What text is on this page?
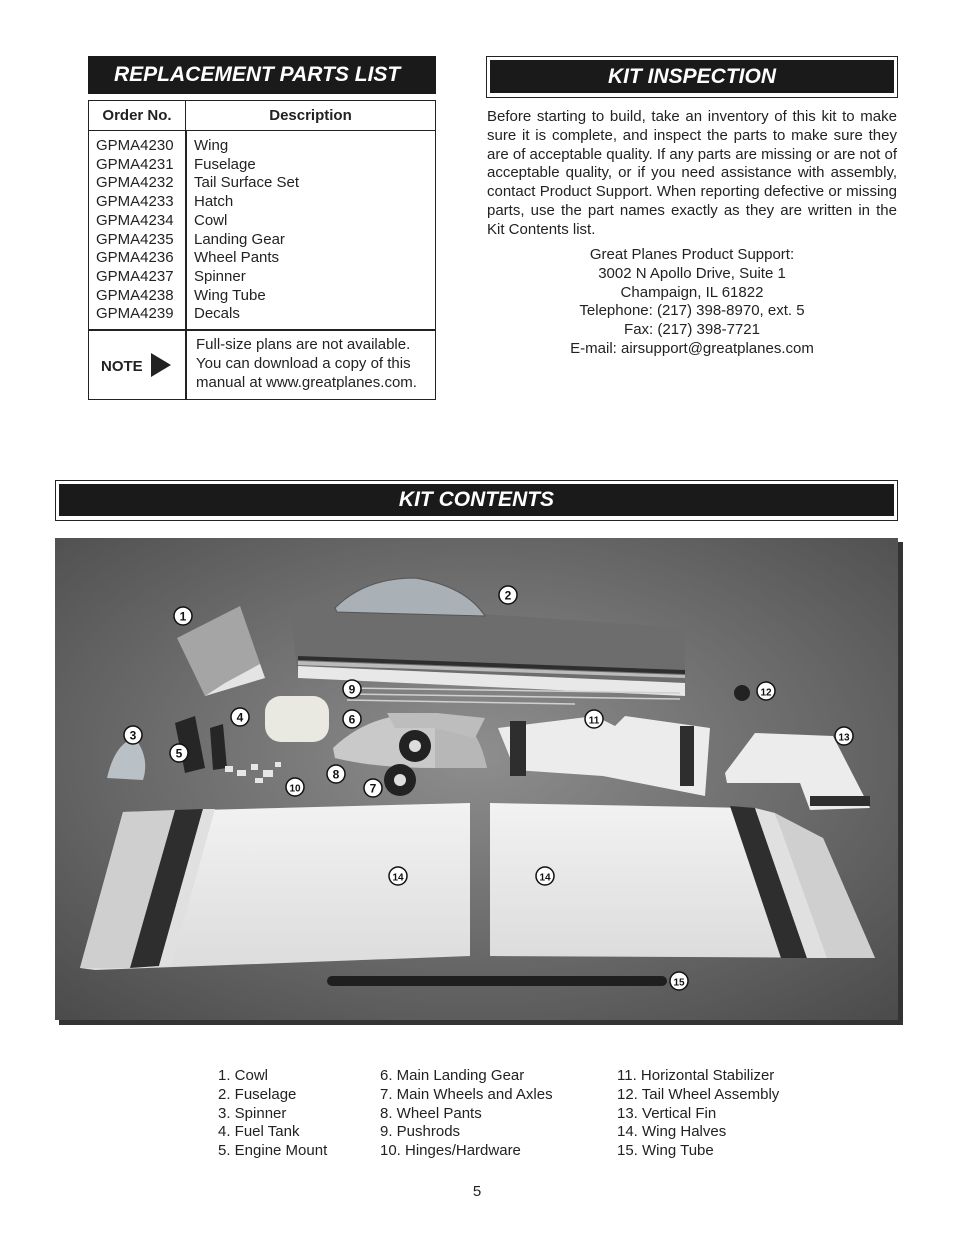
REPLACEMENT PARTS LIST
Order No.	Description
GPMA4230 Wing
GPMA4231 Fuselage
GPMA4232 Tail Surface Set
GPMA4233 Hatch
GPMA4234 Cowl
GPMA4235 Landing Gear
GPMA4236 Wheel Pants
GPMA4237 Spinner
GPMA4238 Wing Tube
GPMA4239 Decals
NOTE
Full-size plans are not available.
You can download a copy of this
manual at www.greatplanes.com.
KIT INSPECTION
Before starting to build, take an inventory of this kit to make sure it is complete, and inspect the parts to make sure they are of acceptable quality. If any parts are missing or are not of acceptable quality, or if you need assistance with assembly, contact Product Support. When reporting defective or missing parts, use the part names exactly as they are written in the Kit Contents list.
Great Planes Product Support:
3002 N Apollo Drive, Suite 1
Champaign, IL 61822
Telephone: (217) 398-8970, ext. 5
Fax: (217) 398-7721
E-mail: airsupport@greatplanes.com
KIT CONTENTS
1
2
3
4
5
6
7
8
9
10
11
12
13
14	14
15
1. Cowl
2. Fuselage
3. Spinner
4. Fuel Tank
5. Engine Mount
6. Main Landing Gear
7. Main Wheels and Axles
8. Wheel Pants
9. Pushrods
10. Hinges/Hardware
11. Horizontal Stabilizer
12. Tail Wheel Assembly
13. Vertical Fin
14. Wing Halves
15. Wing Tube
5
